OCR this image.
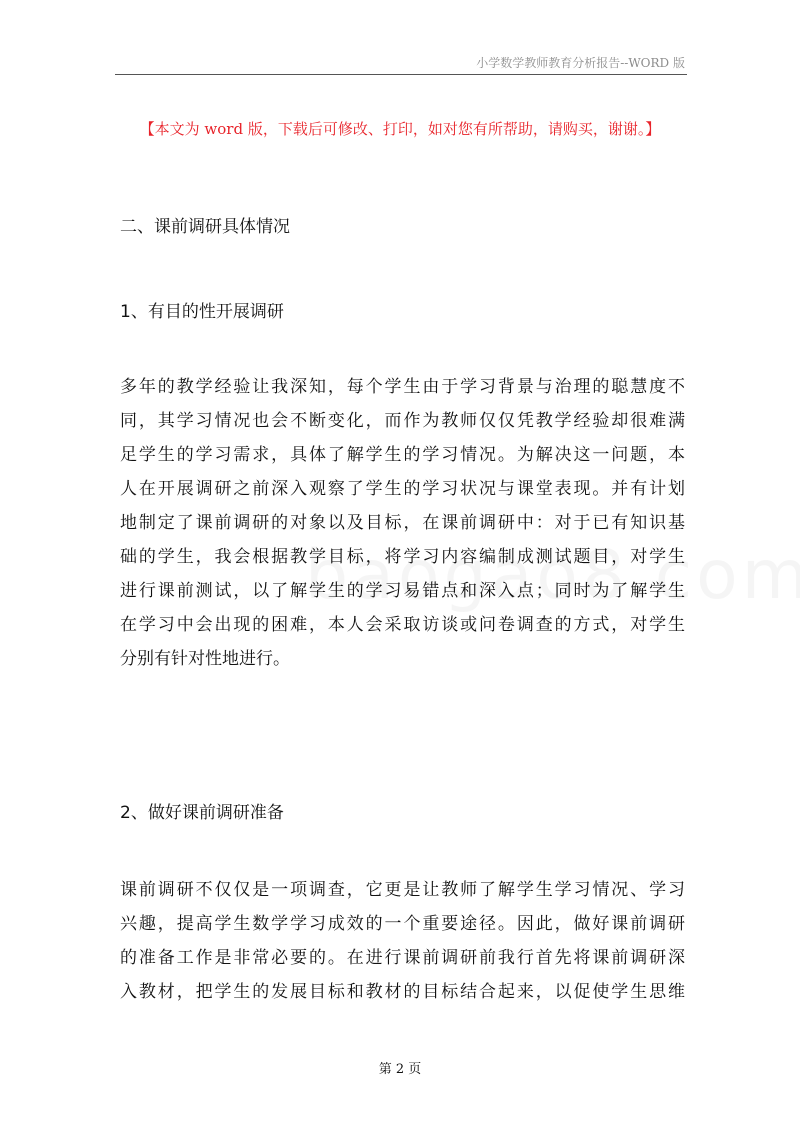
小学数学教师教育分析报告--WORD 版
【本文为 word 版，下载后可修改、打印，如对您有所帮助，请购买，谢谢。】
二、课前调研具体情况
1、有目的性开展调研
多年的教学经验让我深知，每个学生由于学习背景与治理的聪慧度不
同，其学习情况也会不断变化，而作为教师仅仅凭教学经验却很难满
足学生的学习需求，具体了解学生的学习情况。为解决这一问题，本
人在开展调研之前深入观察了学生的学习状况与课堂表现。并有计划
地制定了课前调研的对象以及目标，在课前调研中：对于已有知识基
础的学生，我会根据教学目标，将学习内容编制成测试题目，对学生
进行课前测试，以了解学生的学习易错点和深入点；同时为了解学生
在学习中会出现的困难，本人会采取访谈或问卷调查的方式，对学生
分别有针对性地进行。
2、做好课前调研准备
课前调研不仅仅是一项调查，它更是让教师了解学生学习情况、学习
兴趣，提高学生数学学习成效的一个重要途径。因此，做好课前调研
的准备工作是非常必要的。在进行课前调研前我行首先将课前调研深
入教材，把学生的发展目标和教材的目标结合起来，以促使学生思维
第 2 页
